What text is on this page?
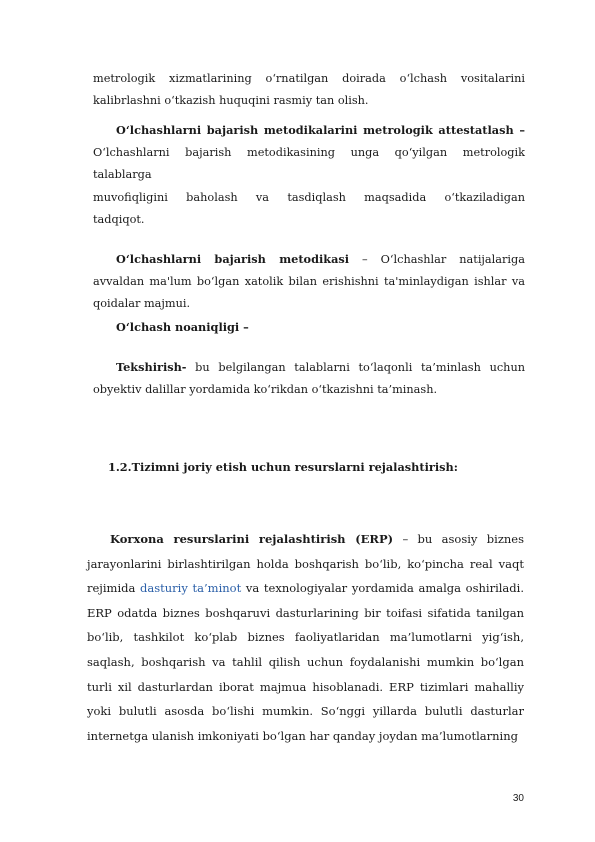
metrologik xizmatlarining o‘rnatilgan doirada o‘lchash vositalarini kalibrlashni o‘tkazish huquqini rasmiy tan olish.
O‘lchashlarni bajarish metodikalarini metrologik attestatlash –
O‘lchashlarni bajarish metodikasining unga qo‘yilgan metrologik
talablarga
muvofiqligini baholash va tasdiqlash maqsadida o‘tkaziladigan
tadqiqot.
O‘lchashlarni bajarish metodikasi – O‘lchashlar natijalariga avvaldan ma'lum bo‘lgan xatolik bilan erishishni ta'minlaydigan ishlar va qoidalar majmui.
O‘lchash noaniqligi –
Tekshirish- bu belgilangan talablarni to‘laqonli ta’minlash uchun obyektiv dalillar yordamida ko‘rikdan o‘tkazishni ta’minash.
1.2.Tizimni joriy etish uchun resurslarni rejalashtirish:
Korxona resurslarini rejalashtirish (ERP) – bu asosiy biznes jarayonlarini birlashtirilgan holda boshqarish bo‘lib, ko‘pincha real vaqt rejimida dasturiy ta’minot va texnologiyalar yordamida amalga oshiriladi. ERP odatda biznes boshqaruvi dasturlarining bir toifasi sifatida tanilgan bo‘lib, tashkilot ko‘plab biznes faoliyatlaridan ma’lumotlarni yig‘ish, saqlash, boshqarish va tahlil qilish uchun foydalanishi mumkin bo‘lgan turli xil dasturlardan iborat majmua hisoblanadi. ERP tizimlari mahalliy yoki bulutli asosda bo‘lishi mumkin. So‘nggi yillarda bulutli dasturlar internetga ulanish imkoniyati bo‘lgan har qanday joydan ma’lumotlarning
30
